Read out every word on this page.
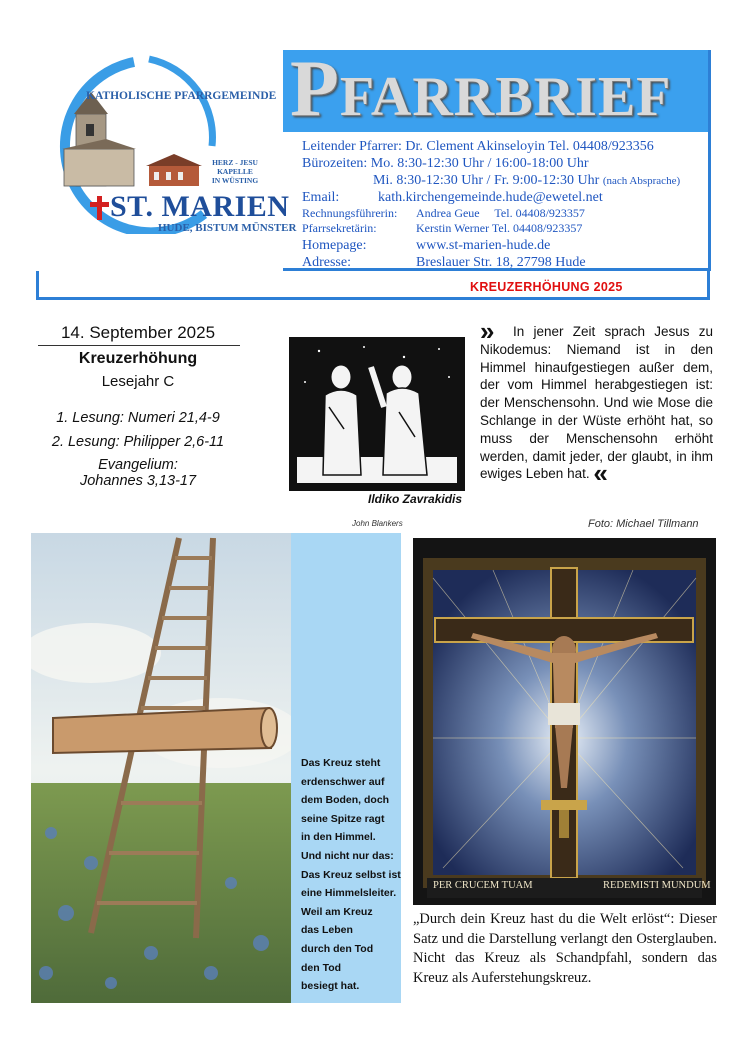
KATHOLISCHE PFARRGEMEINDE
HERZ - JESU
KAPELLE
IN WÜSTING
ST. MARIEN
HUDE, BISTUM MÜNSTER
Pfarrbrief
Leitender Pfarrer: Dr. Clement Akinseloyin Tel. 04408/923356
Bürozeiten: Mo. 8:30-12:30 Uhr / 16:00-18:00 Uhr
Mi. 8:30-12:30 Uhr / Fr. 9:00-12:30 Uhr (nach Absprache)
Email:	kath.kirchengemeinde.hude@ewetel.net
Rechnungsführerin: Andrea Geue     Tel. 04408/923357
Pfarrsekretärin:	Kerstin Werner Tel. 04408/923357
Homepage:	www.st-marien-hude.de
Adresse:	Breslauer Str. 18, 27798 Hude
KREUZERHÖHUNG 2025
14. September 2025
Kreuzerhöhung
Lesejahr C
1. Lesung: Numeri 21,4-9
2. Lesung: Philipper 2,6-11
Evangelium:
Johannes 3,13-17
Ildiko Zavrakidis
» In jener Zeit sprach Jesus zu Nikodemus: Niemand ist in den Himmel hinaufgestiegen außer dem, der vom Himmel herabgestiegen ist: der Menschensohn. Und wie Mose die Schlange in der Wüste erhöht hat, so muss der Menschensohn erhöht werden, damit jeder, der glaubt, in ihm ewiges Leben hat. «
John Blankers	Foto: Michael Tillmann
Das Kreuz steht
erdenschwer auf
dem Boden, doch
seine Spitze ragt
in den Himmel.
Und nicht nur das:
Das Kreuz selbst ist
eine Himmelsleiter.
Weil am Kreuz
das Leben
durch den Tod
den Tod
besiegt hat.
PER CRUCEM TUAM	REDEMISTI MUNDUM
„Durch dein Kreuz hast du die Welt erlöst“: Dieser Satz und die Darstellung verlangt den Osterglauben. Nicht das Kreuz als Schandpfahl, sondern das Kreuz als Auferstehungskreuz.
